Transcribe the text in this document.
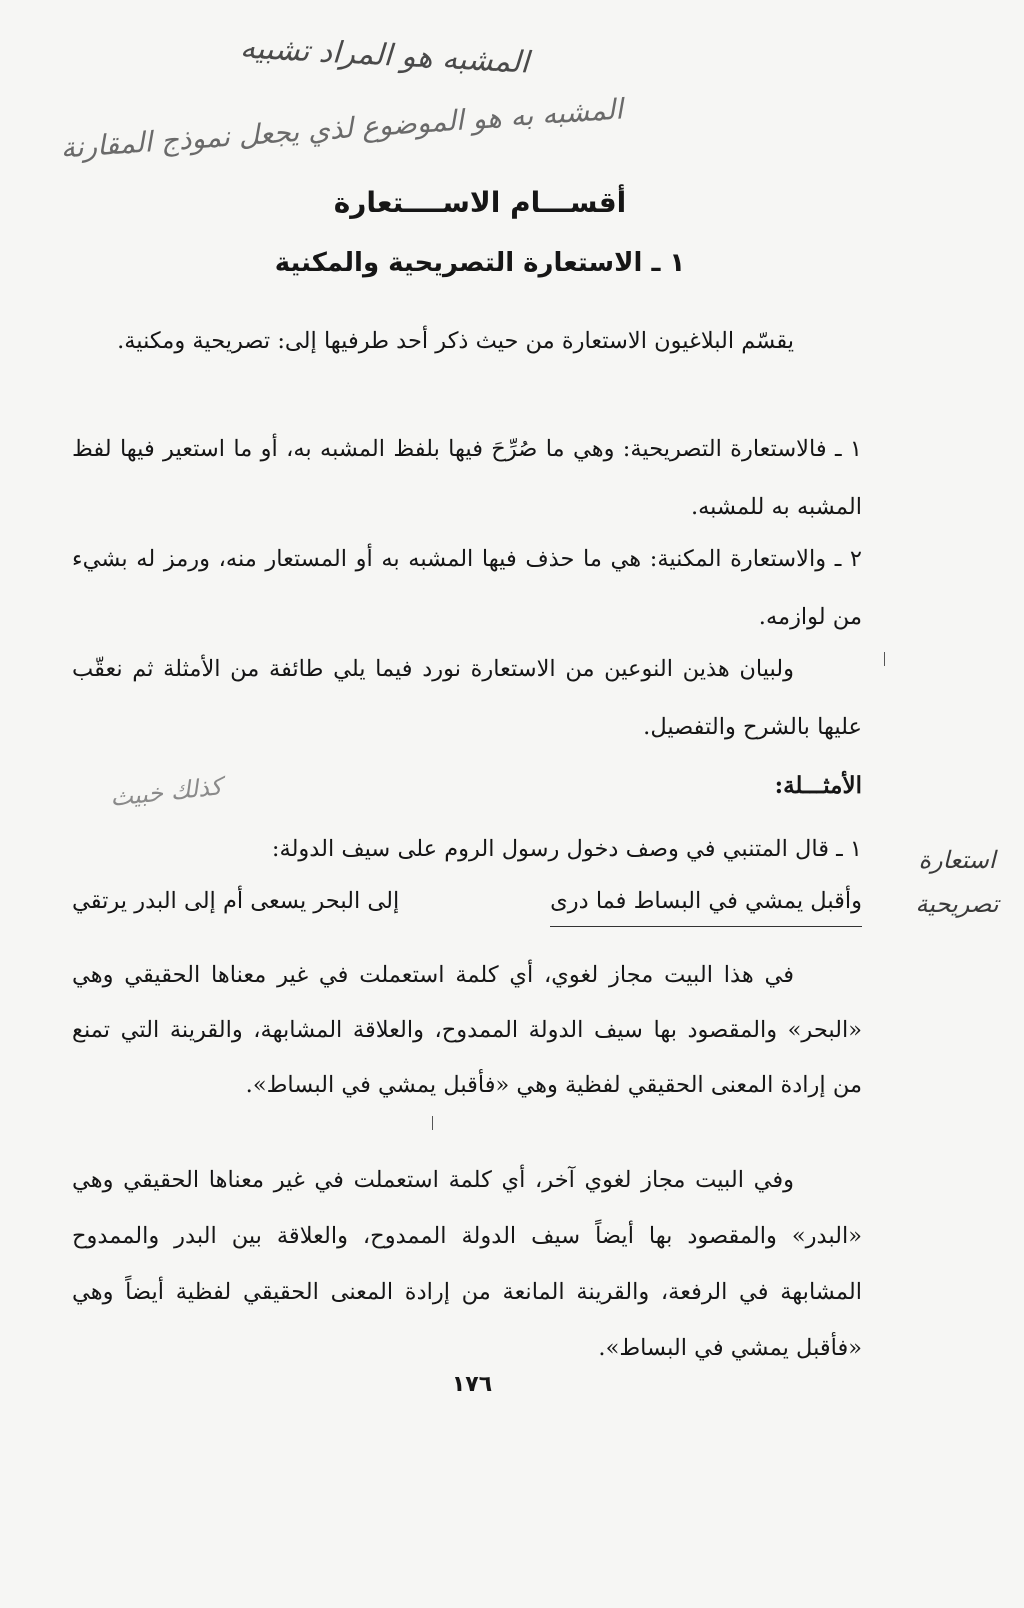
المشبه هو المراد تشبيه
المشبه به هو الموضوع لذي يجعل نموذج المقارنة
أقســـام الاســــتعارة
١ ـ الاستعارة التصريحية والمكنية

يقسّم البلاغيون الاستعارة من حيث ذكر أحد طرفيها إلى: تصريحية ومكنية.

١ ـ فالاستعارة التصريحية: وهي ما صُرِّحَ فيها بلفظ المشبه به، أو ما استعير فيها لفظ المشبه به للمشبه.

٢ ـ والاستعارة المكنية: هي ما حذف فيها المشبه به أو المستعار منه، ورمز له بشيء من لوازمه.

ولبيان هذين النوعين من الاستعارة نورد فيما يلي طائفة من الأمثلة ثم نعقّب عليها بالشرح والتفصيل.

الأمثـــلة:

كذلك خبيث

١ ـ قال المتنبي في وصف دخول رسول الروم على سيف الدولة:

وأقبل يمشي في البساط فما درى
إلى البحر يسعى أم إلى البدر يرتقي
استعارة تصريحية

في هذا البيت مجاز لغوي، أي كلمة استعملت في غير معناها الحقيقي وهي «البحر» والمقصود بها سيف الدولة الممدوح، والعلاقة المشابهة، والقرينة التي تمنع من إرادة المعنى الحقيقي لفظية وهي «فأقبل يمشي في البساط».

وفي البيت مجاز لغوي آخر، أي كلمة استعملت في غير معناها الحقيقي وهي «البدر» والمقصود بها أيضاً سيف الدولة الممدوح، والعلاقة بين البدر والممدوح المشابهة في الرفعة، والقرينة المانعة من إرادة المعنى الحقيقي لفظية أيضاً وهي «فأقبل يمشي في البساط».

١٧٦
